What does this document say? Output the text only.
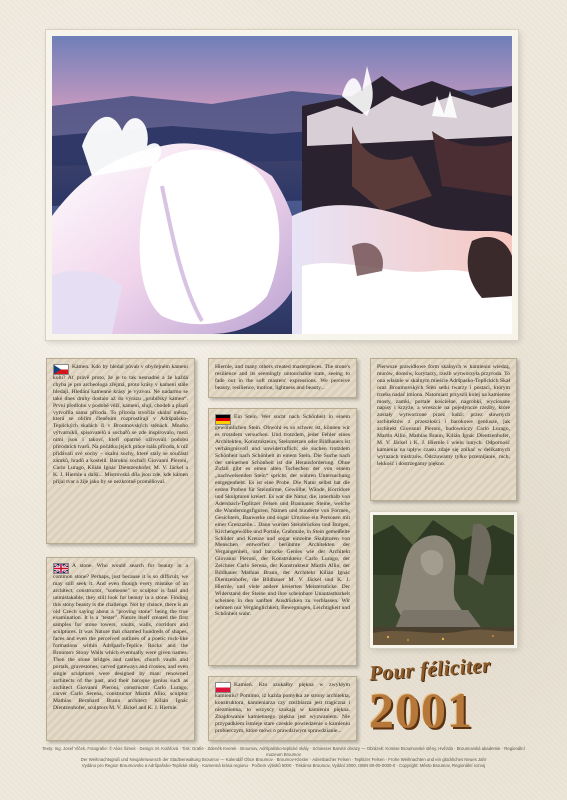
Kámen. Kdo by hledal půvab v obyčejném kameni kolu? Ať právě proto, že je to tak nesnadné a že každá chyba je pro archeologa zřejmá, proto krásy v kameni stále hledají. Hledání kamenné krásy je výzvou. Ne nadarmo se také dnes druhy dostalo až do výrazu „prubířský kámen“. První předlohu v podobě věží, kamení, slují, chodeb a plazů vytvořila sama příroda. To příroda stvořila skalní města, která se obřím členěním rozprostírají v Adršpašsko-Teplických skalách či v Broumovských stěnách. Mnoho výtvarníků, spisovatelů a sochařů se zde inspirovalo, mezi nimi jsou i takoví, kteří opatrně oživovali podobu přírodních tvarů. Na počátku jejich práce stála příroda, k níž přidávali své sochy – skalní sochy, které staly se součástí zámků, hradů a kostelů. Barokní sochaři Giovanni Pieroni, Carlo Lurago, Kilián Ignác Dientzenhofer, M. V. Jäckel a K. J. Hiernle a další... Mistrovská díla jsou zde, kde kámen přijal tvar a žije jako by se nezkrotně proměňoval.
A stone. Who would search for beauty in a common stone? Perhaps, just because it is so difficult, we may still seek it. And even though every mistake of an architect, constructor, "someone" or sculptor is fatal and unmistakable, they still look for beauty in a stone. Finding this stony beauty is the challenge. Not by chance, there is an old Czech saying about a "proving stone" being the true examination. It is a "tester". Nature itself created the first samples for stone towers, vaults, walls, corridors and sculptures. It was Nature that charmed hundreds of shapes, faces and even the perceived outlines of a poetic rock-like formations within Adršpach-Teplice Rocks and the Broumov Stony Walls which eventually were given names. Then the stone bridges and castles, church vaults and portals, gravestones, carved gateways and crosses, and even single sculptures were designed by man: renowned architects of the past, and their baroque genius such as architect Giovanni Pieroni, constructor Carlo Lurago, carver Carlo Serena, constructor Martin Allio, sculptor Mathias Bernhard Braun architect Kilián Ignác Dientzenhofer, sculptors M. V. Jäckel and K. J. Hiernle.
Hiernle, and many others created masterpieces. The stone's resilience and its seemingly untouchable state, seeing to fade out in the soft masters' expressions. We perceive beauty, resilience, motion, lightness and beauty...
Ein Stein. Wer sucht nach Schönheit in einem gewöhnlichen Stein. Obwohl es so schwer ist, können wir es trotzdem versuchen. Und trotzdem, jeder Fehler eines Architekten, Konstrukteurs, Steinmetzen oder Bildhauers ist verhängnisvoll und unwiderruflich; sie suchen trotzdem Schönheit nach Schönheit in einem Stein. Die Suche nach der steinernen Schönheit ist die Herausforderung. Ohne Zufall gibt es einen alten Tschechen der von einem „nachweisenden Stein“ spricht, der wahren Untersuchung entgegenhebt. Es ist eine Probe. Die Natur selbst hat die ersten Proben für Steintürme, Gewölbe, Wände, Korridore und Skulpturen kreiert. Es war die Natur, die, innerhalb von Adersbach-Teplitzer Felsen und Braunauer Steine, welche die Wanderungsfiguren, Namen und hunderte von Formen, Gesichtern, Bauwerke und sogar Umrisse ein Personen mit einer Grenzzeile... Dann wurden Steinbrücken und Burgen, Kirchengewölbe und Portale, Grabmale, in Stein gemeißelte Schilder und Kreuze und sogar einzelne Skulpturen von Menschen entworfen: berühmte Architekten der Vergangenheit, und barocke Genies wie der Architekt Giovanni Pieroni, der Konstrukteur Carlo Lurago, der Zeichner Carlo Serena, der Konstrukteur Martin Allio, der Bildhauer Mathias Braun, der Architekt Kilián Ignác Dientzenhofer, die Bildhauer M. V. Jäckel und K. J. Hiernle, und viele andere kreierten Meisterstücke. Der Widerstand der Steine und ihre scheinbare Unantastbarkeit scheinen in den sanften Ausdrücken zu verblassen. Wir nehmen nur Vergänglichkeit, Bewegungen, Leichtigkeit und Schönheit wahr.
Kamień. Kto szukałby piękna w zwykłym kamieniu? Pomimo, iż każda pomyłka ze strony architekta, konstruktora, kamieniarza czy rzeźbiarza jest tragiczna i niezmienna, to wszyscy szukają w kamieniu piękna. Znajdowanie kamiennego piękna jest wyzwaniem. Nie przypadkiem istnieje stare czeskie powiedzenie o kamieniu probierczym, które mówi o prawdziwym sprawdzianie...
Pierwsze prawidłowe form skalnych w kamieniu wiedzą, murów, domów, korytarzy, rzeźb wytworzyła przyroda. To ona właśnie w skalnym mieście Adršpasko-Teplickich Skał oraz Broumovských Stěn setki twarzy i postaci, którym trzeba nadać imiona. Natomiast przyszli kolej na kamienne mosty, zamki, portale kościelne, nagrobki, wyciosane napisy i krzyże, a wreszcie na pojedyncze rzeźby, które zostały wytworzone przez ludzi: przez sławnych architektów z przeszłości i barokowe geniusze, jak architekt Giovanni Pieroni, budowniczy Carlo Lurago, Martin Allio, Mathias Braun, Kilián Ignác Dientzenhofer, M. V. Jäckel i K. J. Hiernle i wielu innych. Odporność kamienia na upływ czasu zdaje się znikać w delikatnych wyrazach mistrzów. Odczuwamy tylko przemijanie, ruch, lekkość i dostrzegamy piękno.
Pour féliciter
2001
Texty: Ing. Josef Vlček, Fotografie: © Alois Šimek · Design: M. Kolářová · Tisk: Grafie · Zdeněk Kverek · Broumov, Adršpašsko-teplické skály · Schiesser Barvité obrazy — Obrázek: Komise Broumovské stěny, Hvězda · Broumovská akademie · Regionální muzeum Broumov
Der Weihnachtsgruß und Neujahrswunsch der Stadtverwaltung Broumov — Kalendář Obce Broumov · Broumov-Kloster · Adersbacher Felsen · Teplitzer Felsen · Frohe Weihnachten und ein glückliches Neues Jahr
Vydáno pro Region Broumovsko a Adršpašsko-Teplické skály · Kamenná krása regionu · Počtem výtisků 5000 · Tiskárna Broumov, Vydání 2000, ISBN 80-00-0000-0 · Copyright: Město Broumov, Regionální rozvoj
